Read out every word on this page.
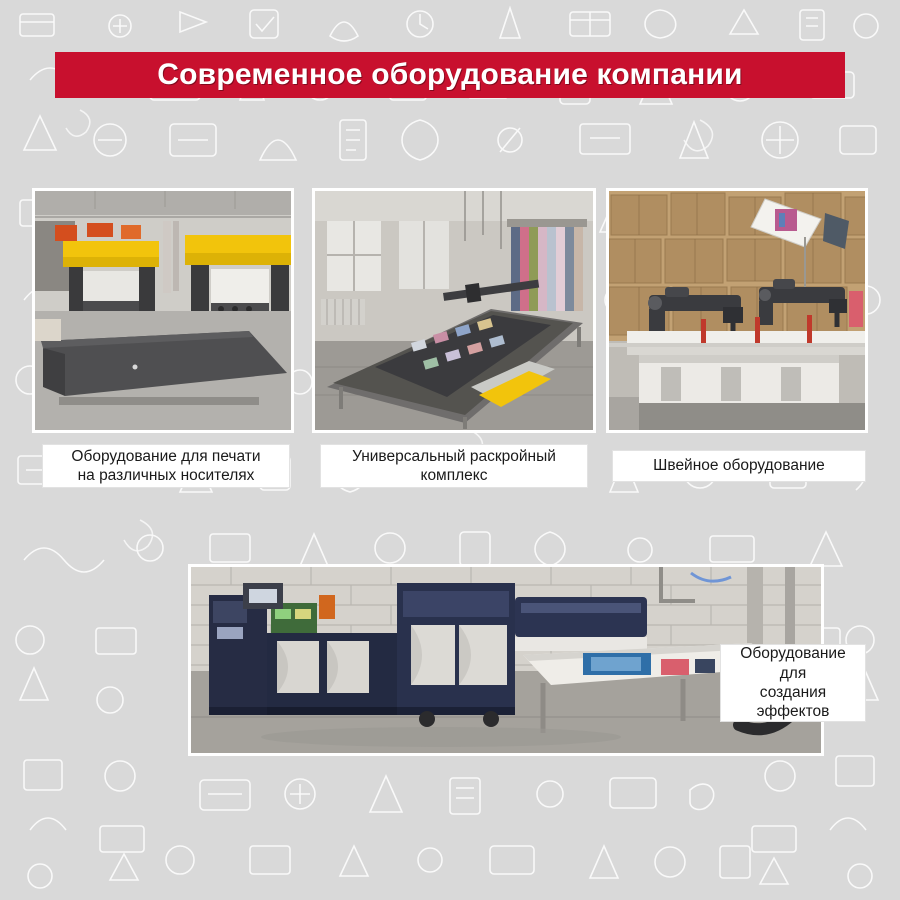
Современное оборудование компании
Оборудование для печати
на различных носителях
Универсальный раскройный
комплекс
Швейное оборудование
Оборудование
для
создания
эффектов
